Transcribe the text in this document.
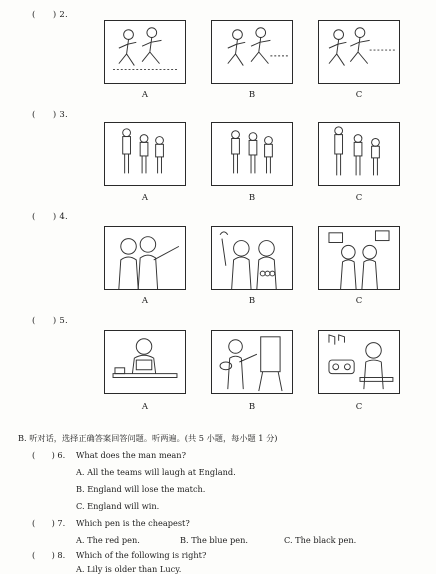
(　　) 2.
A	B	C
(　　) 3.
A	B	C
(　　) 4.
A	B	C
(　　) 5.
A	B	C
B. 听对话，选择正确答案回答问题。听两遍。(共 5 小题，每小题 1 分)
(　　) 6. What does the man mean?
A. All the teams will laugh at England.
B. England will lose the match.
C. England will win.
(　　) 7. Which pen is the cheapest?
A. The red pen.	B. The blue pen.	C. The black pen.
(　　) 8. Which of the following is right?
A. Lily is older than Lucy.
